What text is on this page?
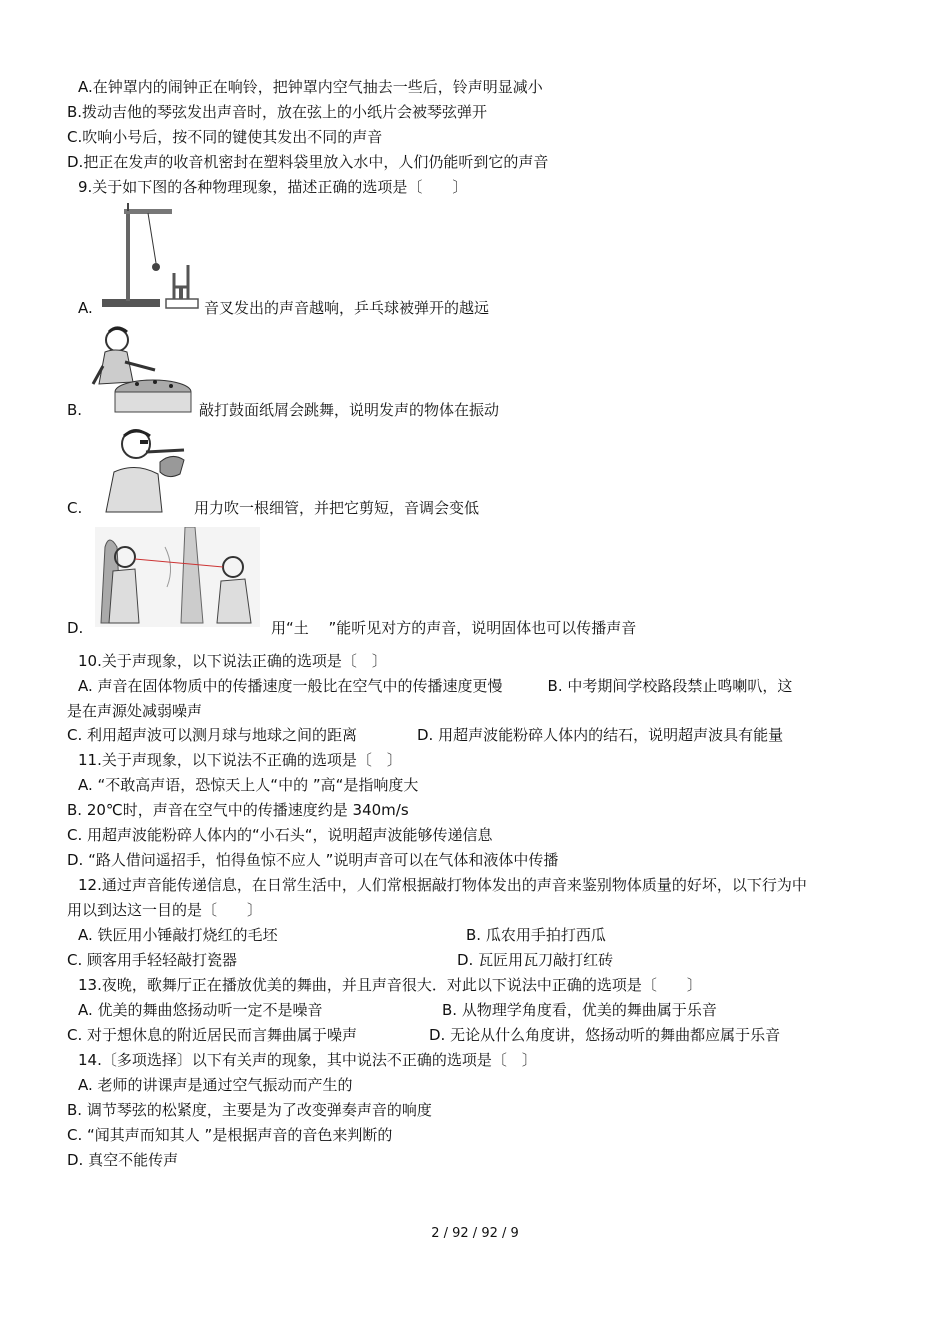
A.在钟罩内的闹钟正在响铃，把钟罩内空气抽去一些后，铃声明显减小
B.拨动吉他的琴弦发出声音时，放在弦上的小纸片会被琴弦弹开
C.吹响小号后，按不同的键使其发出不同的声音
D.把正在发声的收音机密封在塑料袋里放入水中，人们仍能听到它的声音
9.关于如下图的各种物理现象，描述正确的选项是〔　　〕
A.	音叉发出的声音越响，乒乓球被弹开的越远
B.	敲打鼓面纸屑会跳舞，说明发声的物体在振动
C.	用力吹一根细管，并把它剪短，音调会变低
D.	用“土　 ”能听见对方的声音，说明固体也可以传播声音
10.关于声现象，以下说法正确的选项是〔　〕
A. 声音在固体物质中的传播速度一般比在空气中的传播速度更慢　　　B. 中考期间学校路段禁止鸣喇叭，这
是在声源处减弱噪声
C. 利用超声波可以测月球与地球之间的距离　　　　D. 用超声波能粉碎人体内的结石，说明超声波具有能量
11.关于声现象，以下说法不正确的选项是〔　〕
A. “不敢高声语，恐惊天上人“中的 ”高“是指响度大
B. 20℃时，声音在空气中的传播速度约是 340m/s
C. 用超声波能粉碎人体内的“小石头“，说明超声波能够传递信息
D. “路人借问遥招手，怕得鱼惊不应人 ”说明声音可以在气体和液体中传播
12.通过声音能传递信息，在日常生活中，人们常根据敲打物体发出的声音来鉴别物体质量的好坏，以下行为中
用以到达这一目的是〔　　〕
A. 铁匠用小锤敲打烧红的毛坯	B. 瓜农用手拍打西瓜
C. 顾客用手轻轻敲打瓷器	D. 瓦匠用瓦刀敲打红砖
13.夜晚，歌舞厅正在播放优美的舞曲，并且声音很大．对此以下说法中正确的选项是〔　　〕
A. 优美的舞曲悠扬动听一定不是噪音	B. 从物理学角度看，优美的舞曲属于乐音
C. 对于想休息的附近居民而言舞曲属于噪声	D. 无论从什么角度讲，悠扬动听的舞曲都应属于乐音
14.〔多项选择〕以下有关声的现象，其中说法不正确的选项是〔　〕
A. 老师的讲课声是通过空气振动而产生的
B. 调节琴弦的松紧度，主要是为了改变弹奏声音的响度
C. “闻其声而知其人 ”是根据声音的音色来判断的
D. 真空不能传声
2 / 92 / 92 / 9
